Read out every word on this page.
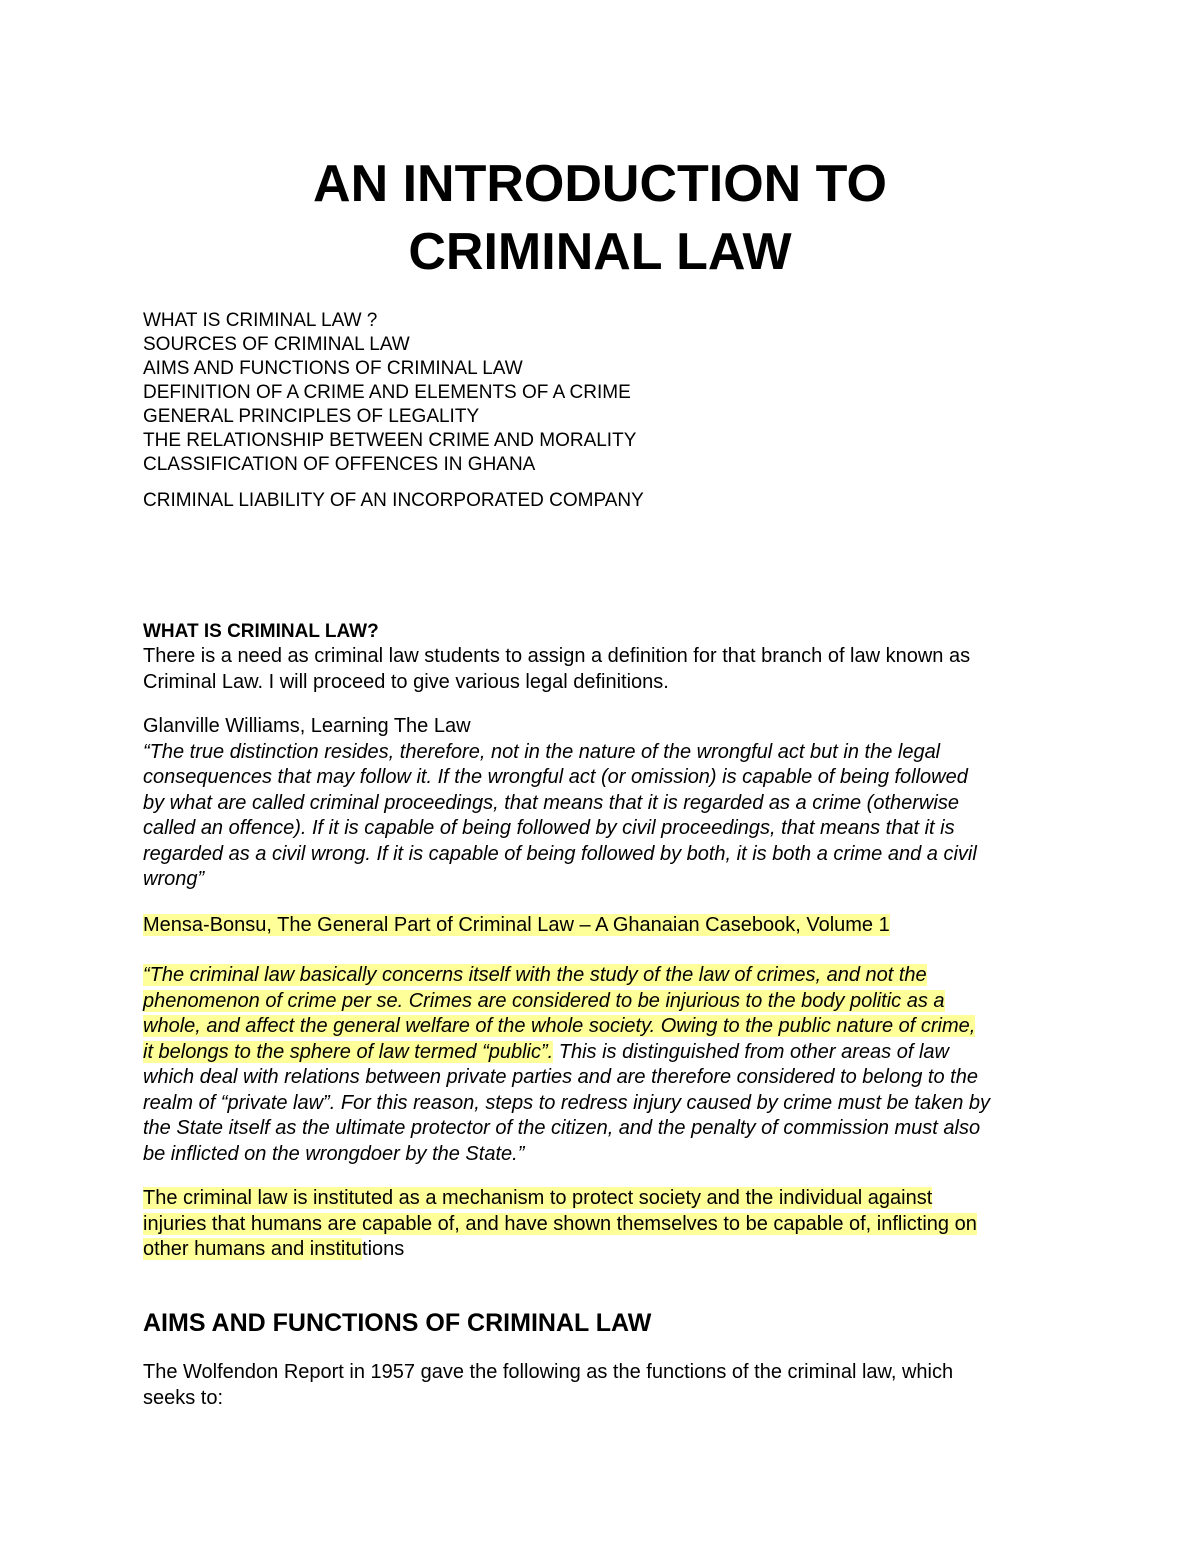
AN INTRODUCTION TO
CRIMINAL LAW
WHAT IS CRIMINAL LAW ?
SOURCES OF CRIMINAL LAW
AIMS AND FUNCTIONS OF CRIMINAL LAW
DEFINITION OF A CRIME AND ELEMENTS OF A CRIME
GENERAL PRINCIPLES OF LEGALITY
THE RELATIONSHIP BETWEEN CRIME AND MORALITY
CLASSIFICATION OF OFFENCES IN GHANA
CRIMINAL LIABILITY OF AN INCORPORATED COMPANY

WHAT IS CRIMINAL LAW?

There is a need as criminal law students to assign a definition for that branch of law known as
Criminal Law. I will proceed to give various legal definitions.

Glanville Williams, Learning The Law

“The true distinction resides, therefore, not in the nature of the wrongful act but in the legal
consequences that may follow it. If the wrongful act (or omission) is capable of being followed
by what are called criminal proceedings, that means that it is regarded as a crime (otherwise
called an offence). If it is capable of being followed by civil proceedings, that means that it is
regarded as a civil wrong. If it is capable of being followed by both, it is both a crime and a civil
wrong”

Mensa-Bonsu, The General Part of Criminal Law – A Ghanaian Casebook, Volume 1

“The criminal law basically concerns itself with the study of the law of crimes, and not the
phenomenon of crime per se. Crimes are considered to be injurious to the body politic as a
whole, and affect the general welfare of the whole society. Owing to the public nature of crime,
it belongs to the sphere of law termed “public”. This is distinguished from other areas of law
which deal with relations between private parties and are therefore considered to belong to the
realm of “private law”. For this reason, steps to redress injury caused by crime must be taken by
the State itself as the ultimate protector of the citizen, and the penalty of commission must also
be inflicted on the wrongdoer by the State.”

The criminal law is instituted as a mechanism to protect society and the individual against
injuries that humans are capable of, and have shown themselves to be capable of, inflicting on
other humans and institutions

AIMS AND FUNCTIONS OF CRIMINAL LAW

The Wolfendon Report in 1957 gave the following as the functions of the criminal law, which
seeks to:
